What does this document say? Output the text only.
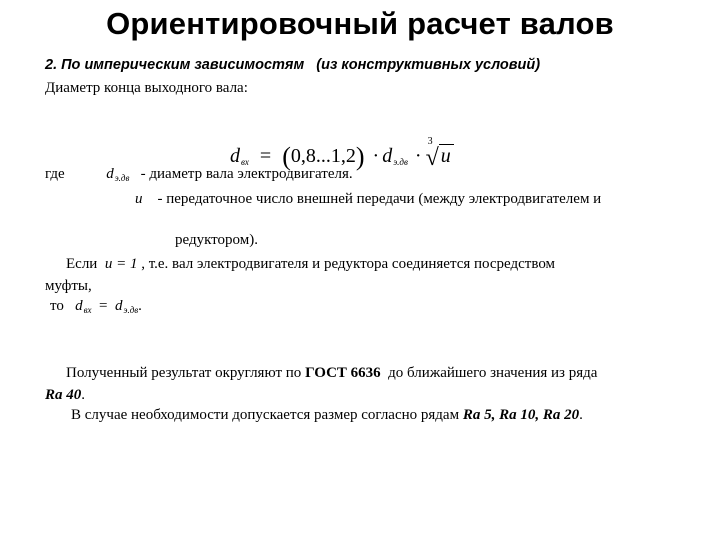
Ориентировочный расчет валов
2. По империческим зависимостям (из конструктивных условий)
Диаметр конца выходного вала:
$d_{вх} = (0,8...1,2) \cdot d_{э.дв}$ ·
3
√ u
где	$d_{э.дв}$ - диаметр вала электродвигателя.
u - передаточное число внешней передачи (между электродвигателем и
редуктором).
Если u = 1 , т.е. вал электродвигателя и редуктора соединяется посредством
муфты,
то $d_{вх} = d_{э.дв}$.
Полученный результат округляют по ГОСТ 6636 до ближайшего значения из ряда
Ra 40.
В случае необходимости допускается размер согласно рядам Ra 5, Ra 10, Ra 20.
